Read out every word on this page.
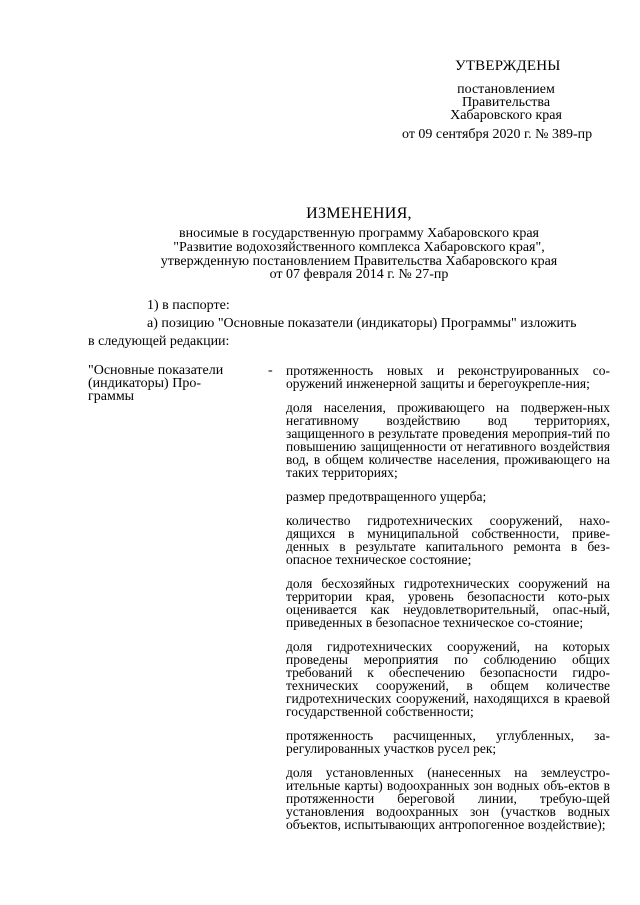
УТВЕРЖДЕНЫ
постановлением
Правительства
Хабаровского края
от 09 сентября 2020 г. № 389-пр
ИЗМЕНЕНИЯ,
вносимые в государственную программу Хабаровского края
"Развитие водохозяйственного комплекса Хабаровского края",
утвержденную постановлением Правительства Хабаровского края
от 07 февраля 2014 г. № 27-пр
1) в паспорте:
а) позицию "Основные показатели (индикаторы) Программы" изложить
в следующей редакции:
"Основные показатели
(индикаторы) Про-
граммы
- протяженность новых и реконструированных со-оружений инженерной защиты и берегоукрепле-ния;
доля населения, проживающего на подвержен-ных негативному воздействию вод территориях, защищенного в результате проведения мероприя-тий по повышению защищенности от негативного воздействия вод, в общем количестве населения, проживающего на таких территориях;
размер предотвращенного ущерба;
количество гидротехнических сооружений, нахо-дящихся в муниципальной собственности, приве-денных в результате капитального ремонта в без-опасное техническое состояние;
доля бесхозяйных гидротехнических сооружений на территории края, уровень безопасности кото-рых оценивается как неудовлетворительный, опас-ный, приведенных в безопасное техническое со-стояние;
доля гидротехнических сооружений, на которых проведены мероприятия по соблюдению общих требований к обеспечению безопасности гидро-технических сооружений, в общем количестве гидротехнических сооружений, находящихся в краевой государственной собственности;
протяженность расчищенных, углубленных, за-регулированных участков русел рек;
доля установленных (нанесенных на землеустро-ительные карты) водоохранных зон водных объ-ектов в протяженности береговой линии, требую-щей установления водоохранных зон (участков водных объектов, испытывающих антропогенное воздействие);
